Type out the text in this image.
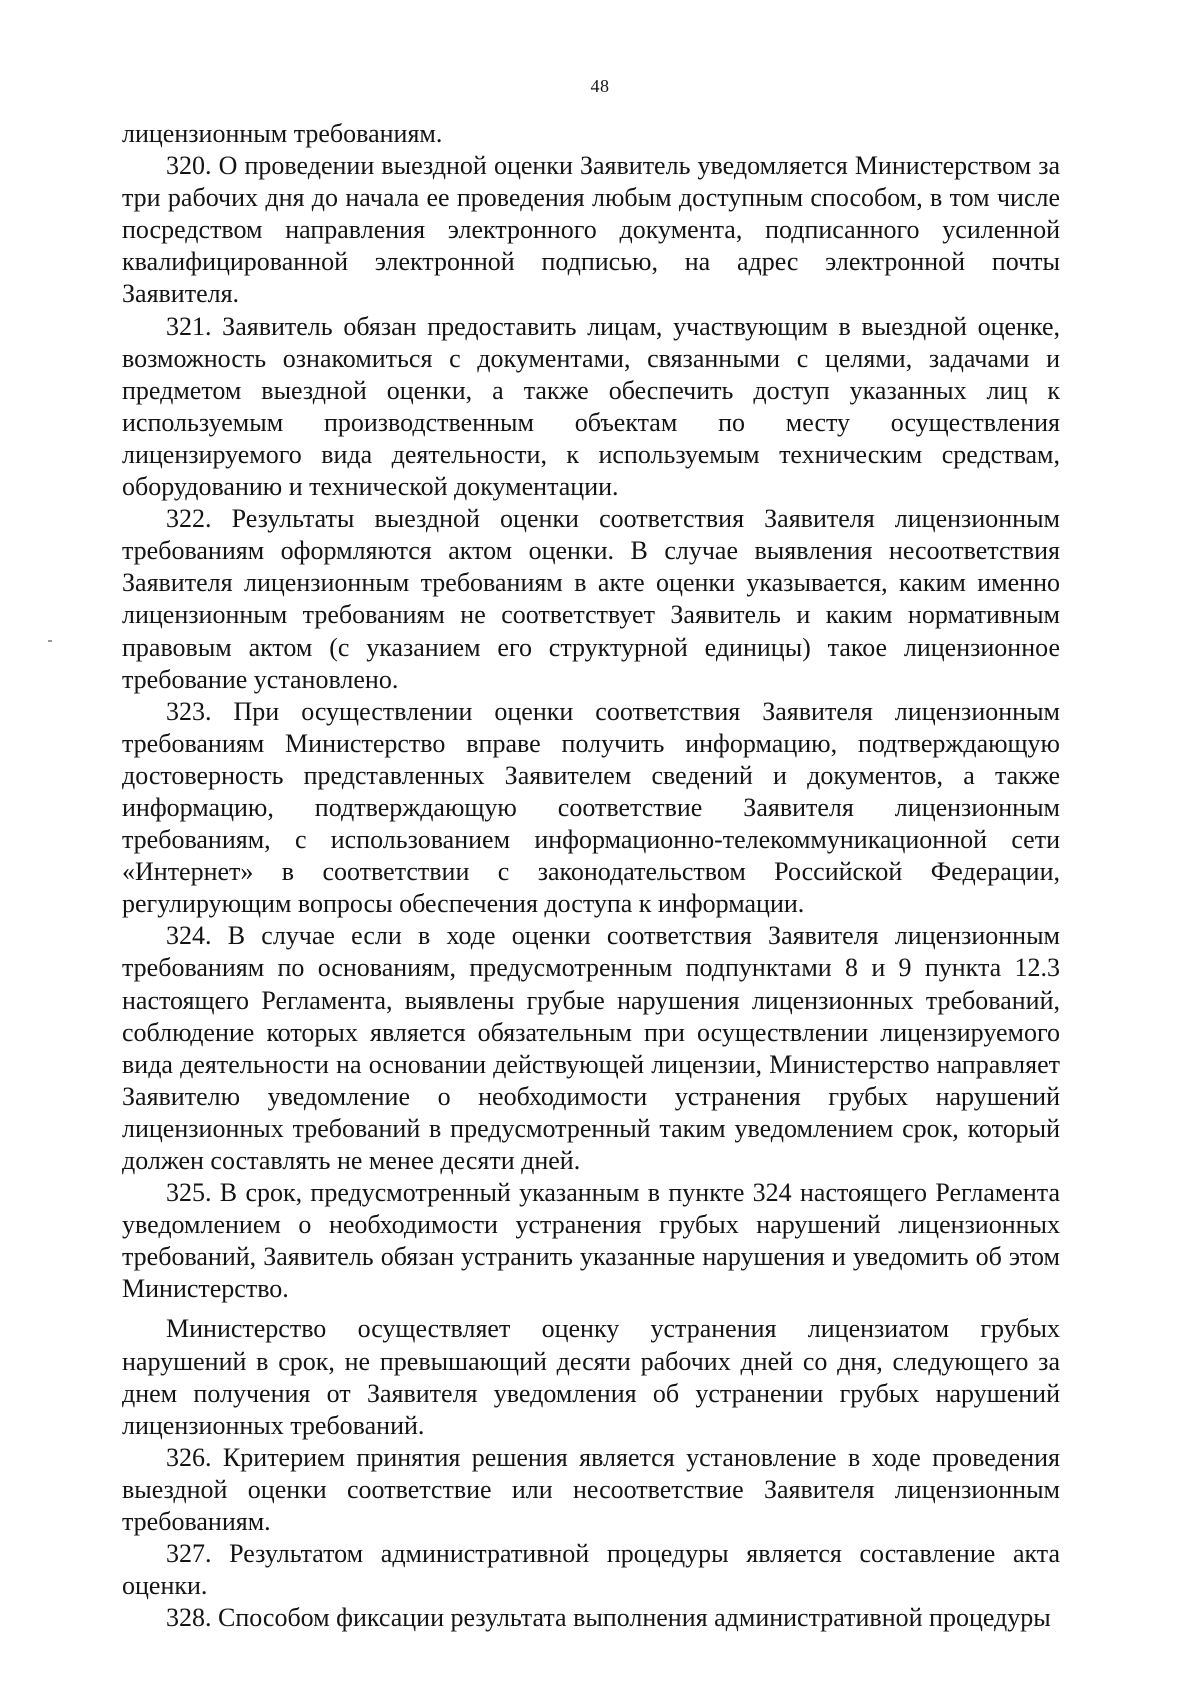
48

лицензионным требованиям.

320. О проведении выездной оценки Заявитель уведомляется Министерством за три рабочих дня до начала ее проведения любым доступным способом, в том числе посредством направления электронного документа, подписанного усиленной квалифицированной электронной подписью, на адрес электронной почты Заявителя.

321. Заявитель обязан предоставить лицам, участвующим в выездной оценке, возможность ознакомиться с документами, связанными с целями, задачами и предметом выездной оценки, а также обеспечить доступ указанных лиц к используемым производственным объектам по месту осуществления лицензируемого вида деятельности, к используемым техническим средствам, оборудованию и технической документации.

322. Результаты выездной оценки соответствия Заявителя лицензионным требованиям оформляются актом оценки. В случае выявления несоответствия Заявителя лицензионным требованиям в акте оценки указывается, каким именно лицензионным требованиям не соответствует Заявитель и каким нормативным правовым актом (с указанием его структурной единицы) такое лицензионное требование установлено.

323. При осуществлении оценки соответствия Заявителя лицензионным требованиям Министерство вправе получить информацию, подтверждающую достоверность представленных Заявителем сведений и документов, а также информацию, подтверждающую соответствие Заявителя лицензионным требованиям, с использованием информационно-телекоммуникационной сети «Интернет» в соответствии с законодательством Российской Федерации, регулирующим вопросы обеспечения доступа к информации.

324. В случае если в ходе оценки соответствия Заявителя лицензионным требованиям по основаниям, предусмотренным подпунктами 8 и 9 пункта 12.3 настоящего Регламента, выявлены грубые нарушения лицензионных требований, соблюдение которых является обязательным при осуществлении лицензируемого вида деятельности на основании действующей лицензии, Министерство направляет Заявителю уведомление о необходимости устранения грубых нарушений лицензионных требований в предусмотренный таким уведомлением срок, который должен составлять не менее десяти дней.

325. В срок, предусмотренный указанным в пункте 324 настоящего Регламента уведомлением о необходимости устранения грубых нарушений лицензионных требований, Заявитель обязан устранить указанные нарушения и уведомить об этом Министерство.

Министерство осуществляет оценку устранения лицензиатом грубых нарушений в срок, не превышающий десяти рабочих дней со дня, следующего за днем получения от Заявителя уведомления об устранении грубых нарушений лицензионных требований.

326. Критерием принятия решения является установление в ходе проведения выездной оценки соответствие или несоответствие Заявителя лицензионным требованиям.

327. Результатом административной процедуры является составление акта оценки.

328. Способом фиксации результата выполнения административной процедуры
